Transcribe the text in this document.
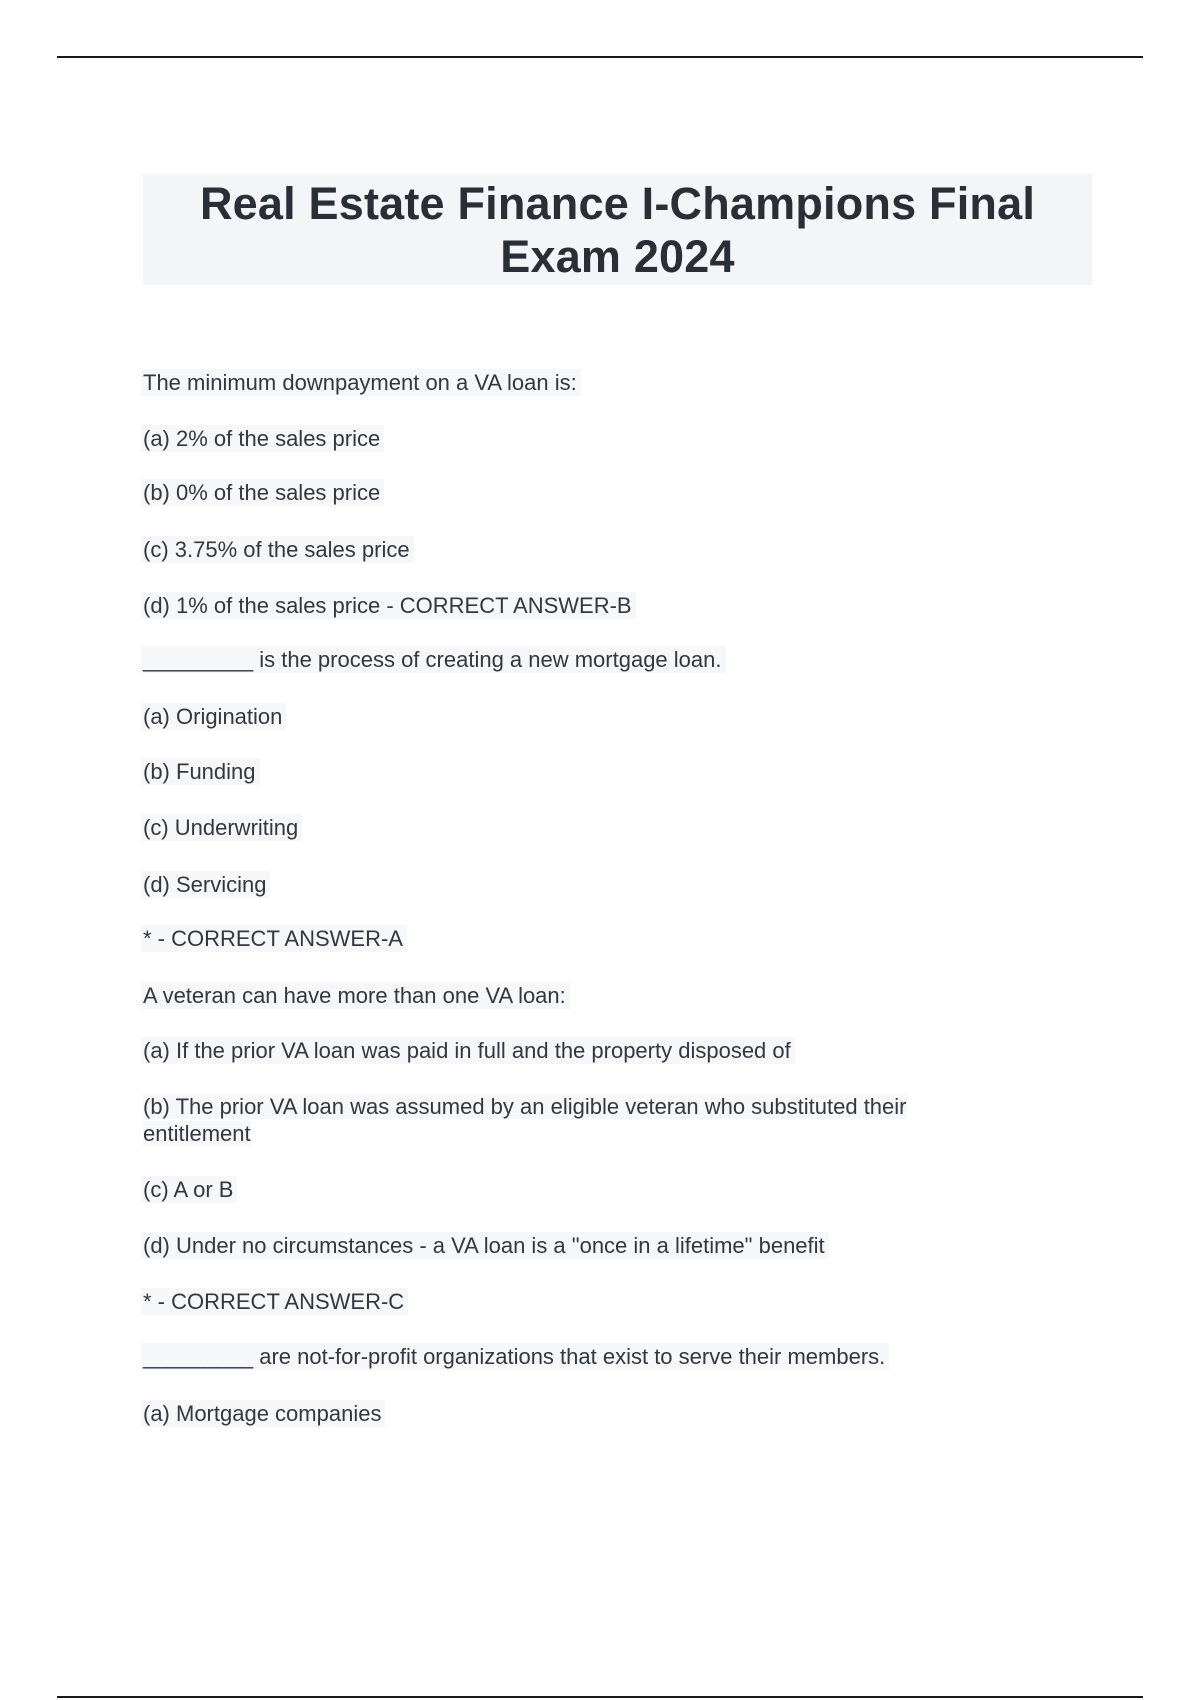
Real Estate Finance I-Champions Final Exam 2024
The minimum downpayment on a VA loan is:
(a) 2% of the sales price
(b) 0% of the sales price
(c) 3.75% of the sales price
(d) 1% of the sales price - CORRECT ANSWER-B
_________ is the process of creating a new mortgage loan.
(a) Origination
(b) Funding
(c) Underwriting
(d) Servicing
* - CORRECT ANSWER-A
A veteran can have more than one VA loan:
(a) If the prior VA loan was paid in full and the property disposed of
(b) The prior VA loan was assumed by an eligible veteran who substituted their entitlement
(c) A or B
(d) Under no circumstances - a VA loan is a "once in a lifetime" benefit
* - CORRECT ANSWER-C
_________ are not-for-profit organizations that exist to serve their members.
(a) Mortgage companies
